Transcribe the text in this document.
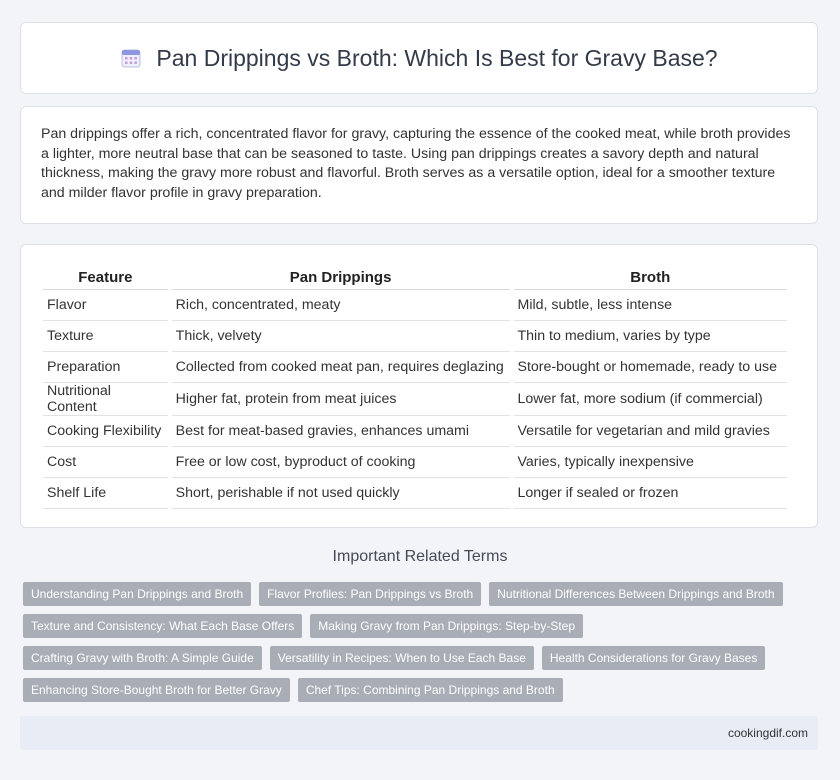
Pan Drippings vs Broth: Which Is Best for Gravy Base?

Pan drippings offer a rich, concentrated flavor for gravy, capturing the essence of the cooked meat, while broth provides a lighter, more neutral base that can be seasoned to taste. Using pan drippings creates a savory depth and natural thickness, making the gravy more robust and flavorful. Broth serves as a versatile option, ideal for a smoother texture and milder flavor profile in gravy preparation.

Feature	Pan Drippings	Broth
Flavor	Rich, concentrated, meaty	Mild, subtle, less intense
Texture	Thick, velvety	Thin to medium, varies by type
Preparation	Collected from cooked meat pan, requires deglazing	Store-bought or homemade, ready to use
Nutritional Content	Higher fat, protein from meat juices	Lower fat, more sodium (if commercial)
Cooking Flexibility	Best for meat-based gravies, enhances umami	Versatile for vegetarian and mild gravies
Cost	Free or low cost, byproduct of cooking	Varies, typically inexpensive
Shelf Life	Short, perishable if not used quickly	Longer if sealed or frozen
Important Related Terms
Understanding Pan Drippings and Broth	Flavor Profiles: Pan Drippings vs Broth	Nutritional Differences Between Drippings and Broth
Texture and Consistency: What Each Base Offers	Making Gravy from Pan Drippings: Step-by-Step
Crafting Gravy with Broth: A Simple Guide	Versatility in Recipes: When to Use Each Base	Health Considerations for Gravy Bases
Enhancing Store-Bought Broth for Better Gravy	Chef Tips: Combining Pan Drippings and Broth
cookingdif.com
